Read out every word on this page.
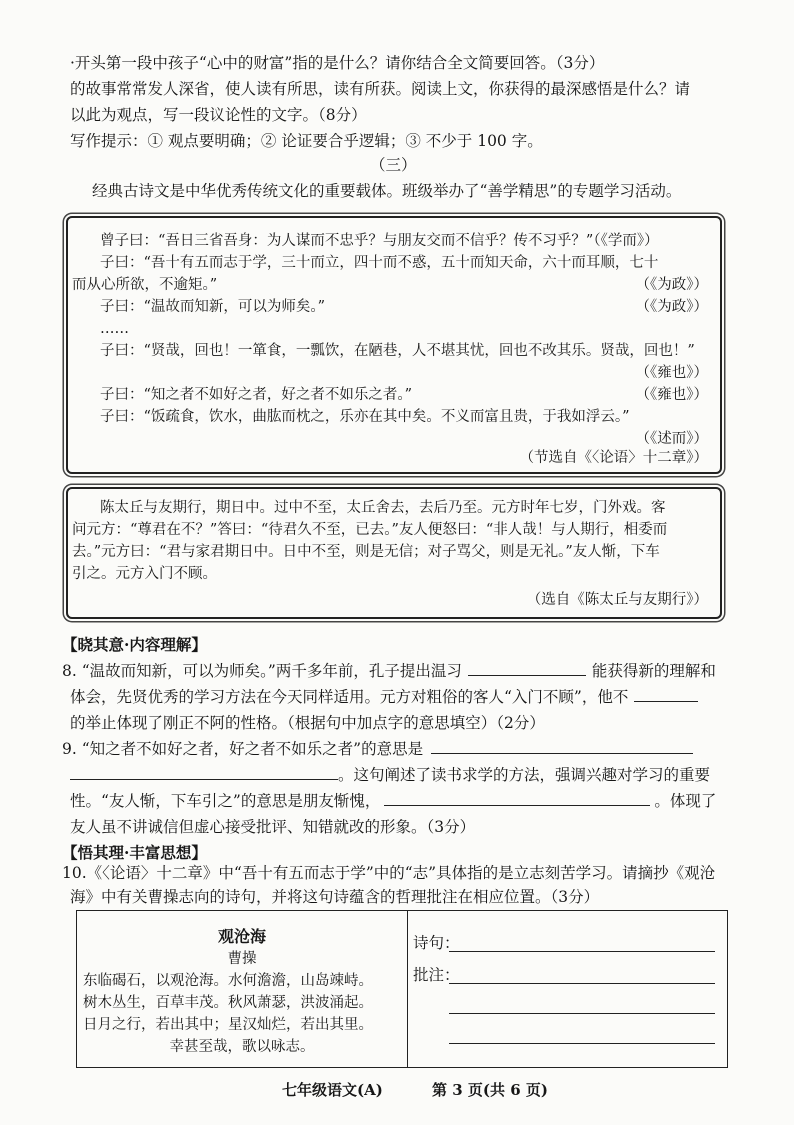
·开头第一段中孩子“心中的财富”指的是什么？请你结合全文简要回答。（3分）
的故事常常发人深省，使人读有所思，读有所获。阅读上文，你获得的最深感悟是什么？请
以此为观点，写一段议论性的文字。（8分）
写作提示：① 观点要明确；② 论证要合乎逻辑；③ 不少于 100 字。
（三）
经典古诗文是中华优秀传统文化的重要载体。班级举办了“善学精思”的专题学习活动。
曾子曰：“吾日三省吾身：为人谋而不忠乎？与朋友交而不信乎？传不习乎？”（《学而》）
子曰：“吾十有五而志于学，三十而立，四十而不惑，五十而知天命，六十而耳顺，七十
而从心所欲，不逾矩。”	（《为政》）
子曰：“温故而知新，可以为师矣。”	（《为政》）
……
子曰：“贤哉，回也！一箪食，一瓢饮，在陋巷，人不堪其忧，回也不改其乐。贤哉，回也！”
（《雍也》）
子曰：“知之者不如好之者，好之者不如乐之者。”	（《雍也》）
子曰：“饭疏食，饮水，曲肱而枕之，乐亦在其中矣。不义而富且贵，于我如浮云。”
（《述而》）
（节选自《〈论语〉十二章》）
陈太丘与友期行，期日中。过中不至，太丘舍去，去后乃至。元方时年七岁，门外戏。客
问元方：“尊君在不？”答曰：“待君久不至，已去。”友人便怒曰：“非人哉！与人期行，相委而
去。”元方曰：“君与家君期日中。日中不至，则是无信；对子骂父，则是无礼。”友人惭，下车
引之。元方入门不顾。
（选自《陈太丘与友期行》）
【晓其意·内容理解】
8. “温故而知新，可以为师矣。”两千多年前，孔子提出温习	能获得新的理解和
体会，先贤优秀的学习方法在今天同样适用。元方对粗俗的客人“入门不顾”，他不
的举止体现了刚正不阿的性格。（根据句中加点字的意思填空）（2分）
9. “知之者不如好之者，好之者不如乐之者”的意思是
。这句阐述了读书求学的方法，强调兴趣对学习的重要
性。“友人惭，下车引之”的意思是朋友惭愧，	。体现了
友人虽不讲诚信但虚心接受批评、知错就改的形象。（3分）
【悟其理·丰富思想】
10.《〈论语〉十二章》中“吾十有五而志于学”中的“志”具体指的是立志刻苦学习。请摘抄《观沧
海》中有关曹操志向的诗句，并将这句诗蕴含的哲理批注在相应位置。（3分）
观沧海
曹操
东临碣石，以观沧海。水何澹澹，山岛竦峙。
树木丛生，百草丰茂。秋风萧瑟，洪波涌起。
日月之行，若出其中；星汉灿烂，若出其里。
幸甚至哉，歌以咏志。
诗句：
批注：
七年级语文(A)	第 3 页(共 6 页)
